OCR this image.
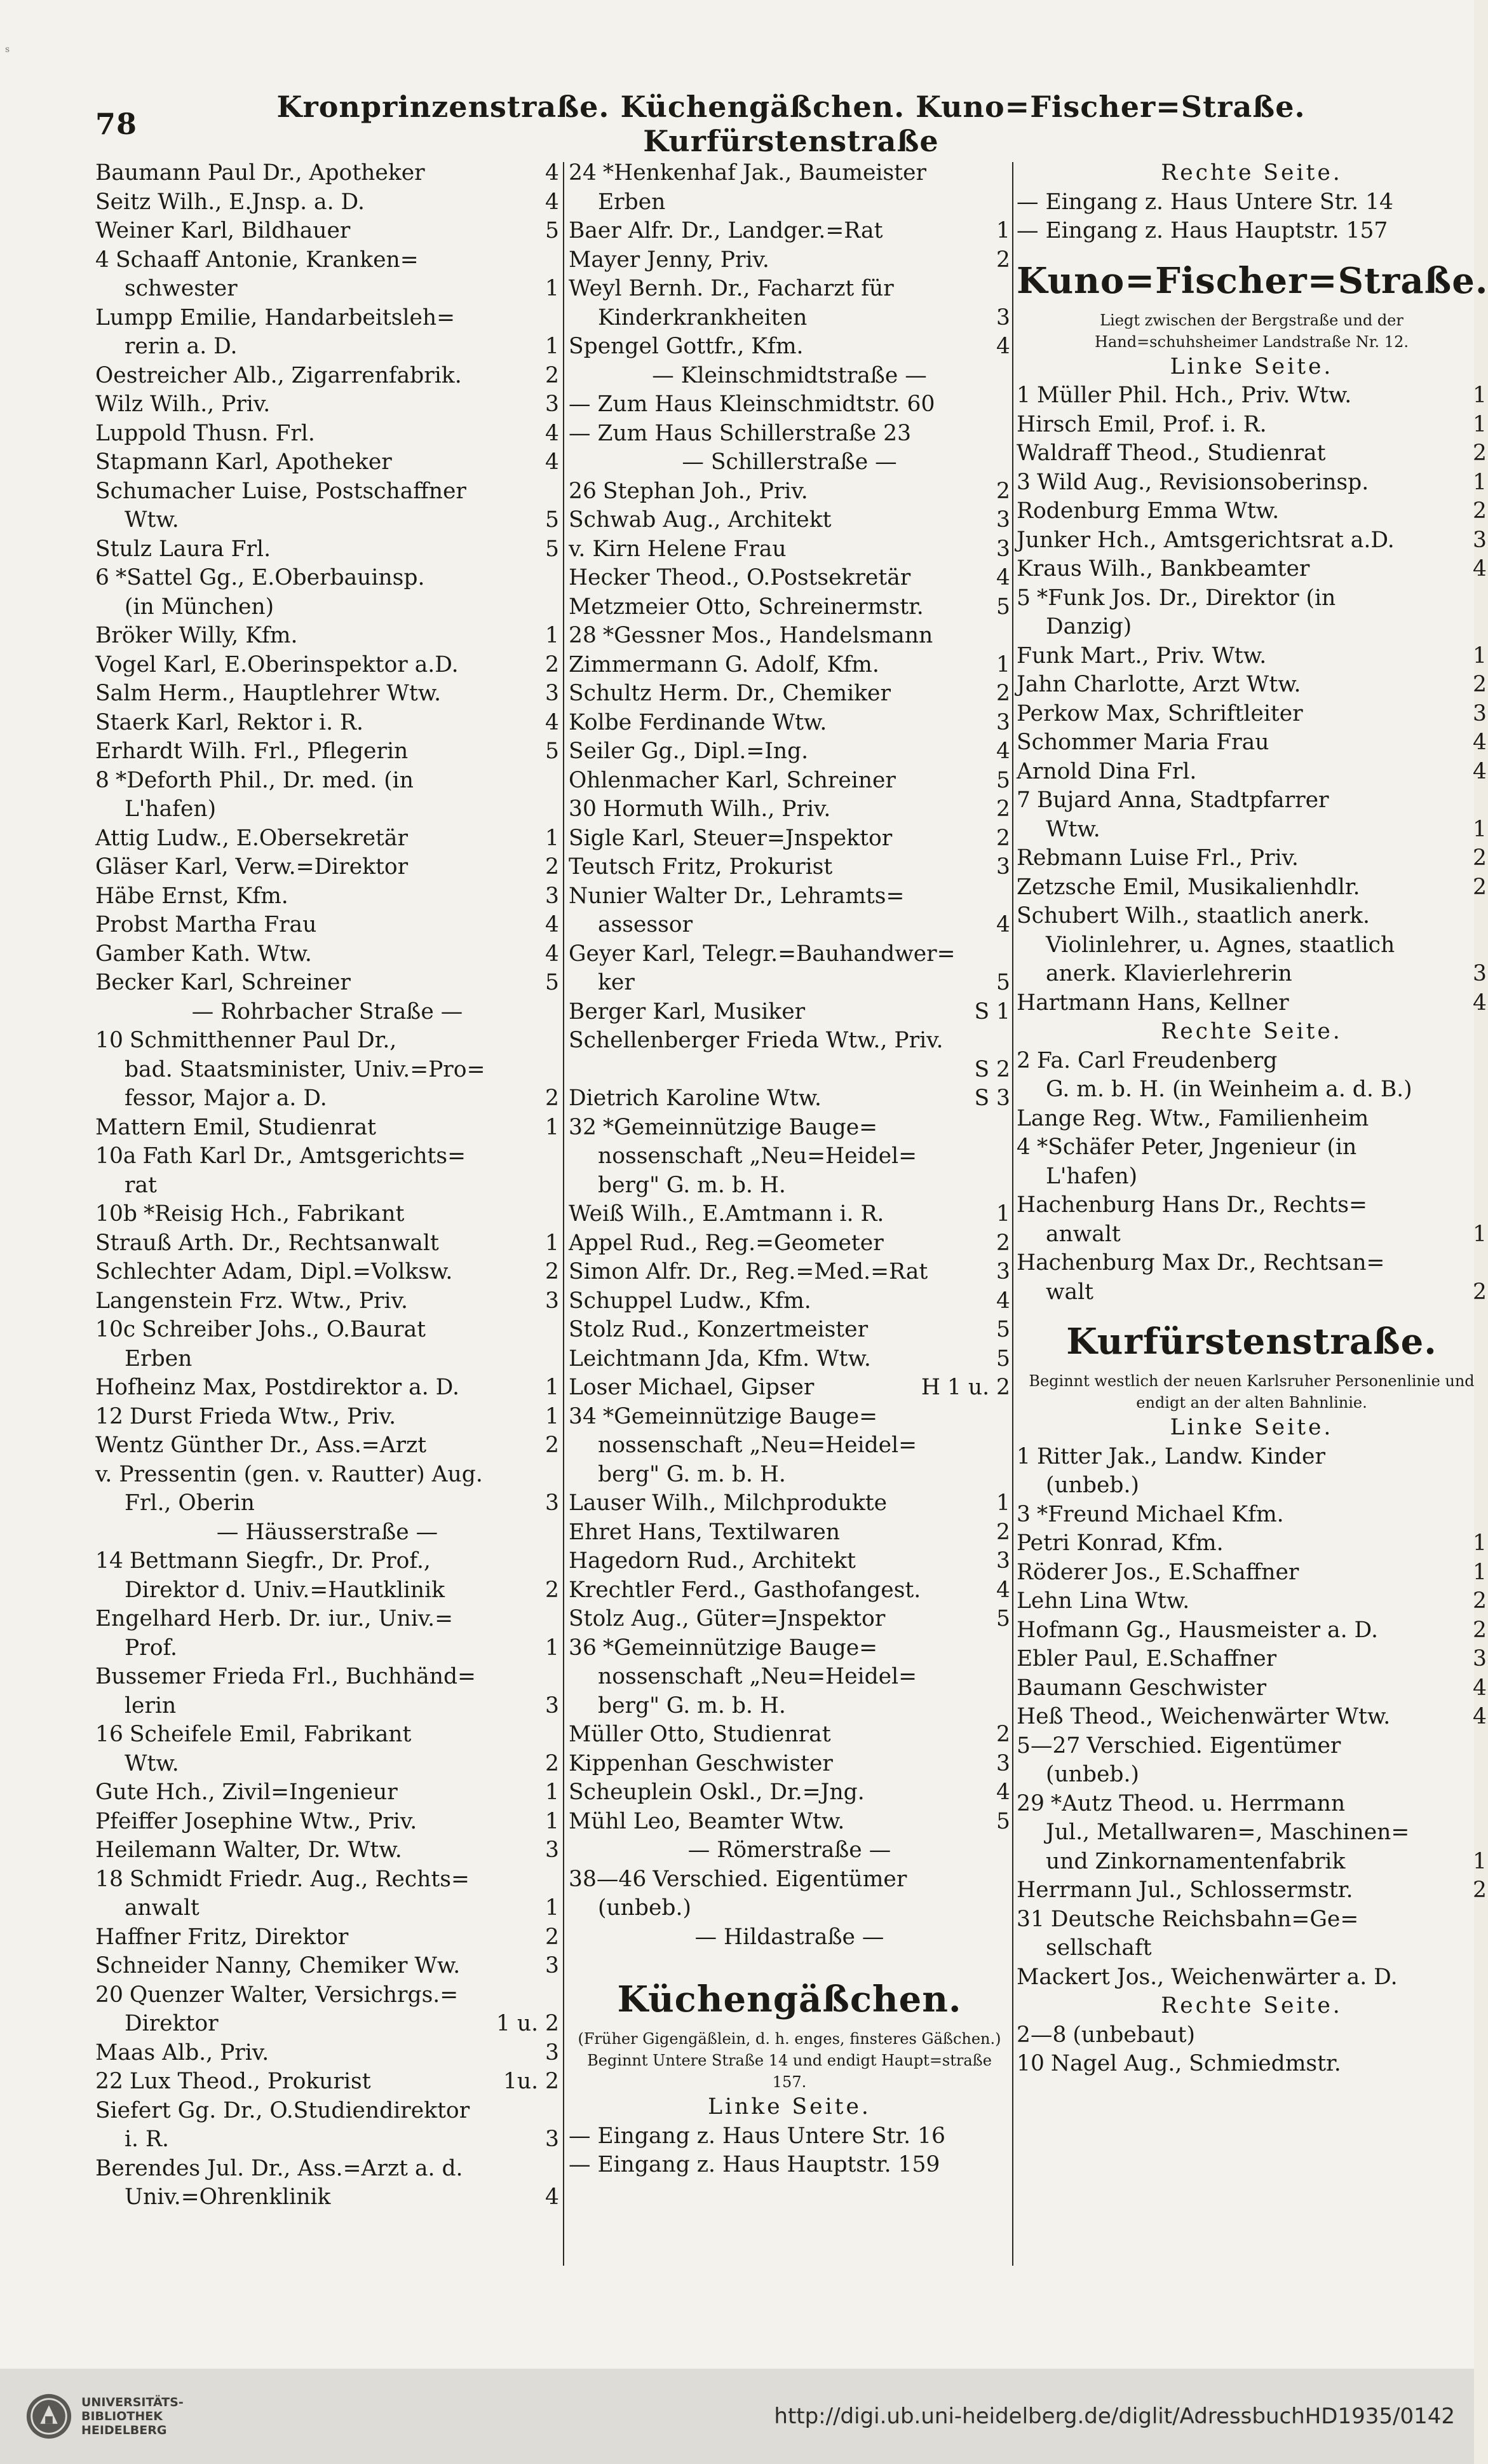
s
78	Kronprinzenstraße. Küchengäßchen. Kuno=Fischer=Straße. Kurfürstenstraße
Baumann Paul Dr., Apotheker	4
Seitz Wilh., E.Jnsp. a. D.	4
Weiner Karl, Bildhauer	5
4 Schaaff Antonie, Kranken=
schwester	1
Lumpp Emilie, Handarbeitsleh=
rerin a. D.	1
Oestreicher Alb., Zigarrenfabrik.	2
Wilz Wilh., Priv.	3
Luppold Thusn. Frl.	4
Stapmann Karl, Apotheker	4
Schumacher Luise, Postschaffner
Wtw.	5
Stulz Laura Frl.	5
6 *Sattel Gg., E.Oberbauinsp.
(in München)
Bröker Willy, Kfm.	1
Vogel Karl, E.Oberinspektor a.D.	2
Salm Herm., Hauptlehrer Wtw.	3
Staerk Karl, Rektor i. R.	4
Erhardt Wilh. Frl., Pflegerin	5
8 *Deforth Phil., Dr. med. (in
L'hafen)
Attig Ludw., E.Obersekretär	1
Gläser Karl, Verw.=Direktor	2
Häbe Ernst, Kfm.	3
Probst Martha Frau	4
Gamber Kath. Wtw.	4
Becker Karl, Schreiner	5
— Rohrbacher Straße —
10 Schmitthenner Paul Dr.,
bad. Staatsminister, Univ.=Pro=
fessor, Major a. D.	2
Mattern Emil, Studienrat	1
10a Fath Karl Dr., Amtsgerichts=
rat
10b *Reisig Hch., Fabrikant
Strauß Arth. Dr., Rechtsanwalt	1
Schlechter Adam, Dipl.=Volksw.	2
Langenstein Frz. Wtw., Priv.	3
10c Schreiber Johs., O.Baurat
Erben
Hofheinz Max, Postdirektor a. D.	1
12 Durst Frieda Wtw., Priv.	1
Wentz Günther Dr., Ass.=Arzt	2
v. Pressentin (gen. v. Rautter) Aug.
Frl., Oberin	3
— Häusserstraße —
14 Bettmann Siegfr., Dr. Prof.,
Direktor d. Univ.=Hautklinik	2
Engelhard Herb. Dr. iur., Univ.=
Prof.	1
Bussemer Frieda Frl., Buchhänd=
lerin	3
16 Scheifele Emil, Fabrikant
Wtw.	2
Gute Hch., Zivil=Ingenieur	1
Pfeiffer Josephine Wtw., Priv.	1
Heilemann Walter, Dr. Wtw.	3
18 Schmidt Friedr. Aug., Rechts=
anwalt	1
Haffner Fritz, Direktor	2
Schneider Nanny, Chemiker Ww.	3
20 Quenzer Walter, Versichrgs.=
Direktor	1 u. 2
Maas Alb., Priv.	3
22 Lux Theod., Prokurist	1u. 2
Siefert Gg. Dr., O.Studiendirektor
i. R.	3
Berendes Jul. Dr., Ass.=Arzt a. d.
Univ.=Ohrenklinik	4
24 *Henkenhaf Jak., Baumeister
Erben
Baer Alfr. Dr., Landger.=Rat	1
Mayer Jenny, Priv.	2
Weyl Bernh. Dr., Facharzt für
Kinderkrankheiten	3
Spengel Gottfr., Kfm.	4
— Kleinschmidtstraße —
— Zum Haus Kleinschmidtstr. 60
— Zum Haus Schillerstraße 23
— Schillerstraße —
26 Stephan Joh., Priv.	2
Schwab Aug., Architekt	3
v. Kirn Helene Frau	3
Hecker Theod., O.Postsekretär	4
Metzmeier Otto, Schreinermstr.	5
28 *Gessner Mos., Handelsmann
Zimmermann G. Adolf, Kfm.	1
Schultz Herm. Dr., Chemiker	2
Kolbe Ferdinande Wtw.	3
Seiler Gg., Dipl.=Ing.	4
Ohlenmacher Karl, Schreiner	5
30 Hormuth Wilh., Priv.	2
Sigle Karl, Steuer=Jnspektor	2
Teutsch Fritz, Prokurist	3
Nunier Walter Dr., Lehramts=
assessor	4
Geyer Karl, Telegr.=Bauhandwer=
ker	5
Berger Karl, Musiker	S 1
Schellenberger Frieda Wtw., Priv.
S 2
Dietrich Karoline Wtw.	S 3
32 *Gemeinnützige Bauge=
nossenschaft „Neu=Heidel=
berg" G. m. b. H.
Weiß Wilh., E.Amtmann i. R.	1
Appel Rud., Reg.=Geometer	2
Simon Alfr. Dr., Reg.=Med.=Rat	3
Schuppel Ludw., Kfm.	4
Stolz Rud., Konzertmeister	5
Leichtmann Jda, Kfm. Wtw.	5
Loser Michael, Gipser	H 1 u. 2
34 *Gemeinnützige Bauge=
nossenschaft „Neu=Heidel=
berg" G. m. b. H.
Lauser Wilh., Milchprodukte	1
Ehret Hans, Textilwaren	2
Hagedorn Rud., Architekt	3
Krechtler Ferd., Gasthofangest.	4
Stolz Aug., Güter=Jnspektor	5
36 *Gemeinnützige Bauge=
nossenschaft „Neu=Heidel=
berg" G. m. b. H.
Müller Otto, Studienrat	2
Kippenhan Geschwister	3
Scheuplein Oskl., Dr.=Jng.	4
Mühl Leo, Beamter Wtw.	5
— Römerstraße —
38—46 Verschied. Eigentümer
(unbeb.)
— Hildastraße —
Küchengäßchen.
(Früher Gigengäßlein, d. h. enges, finsteres Gäßchen.)
Beginnt Untere Straße 14 und endigt Haupt=straße 157.
Linke Seite.
— Eingang z. Haus Untere Str. 16
— Eingang z. Haus Hauptstr. 159
Rechte Seite.
— Eingang z. Haus Untere Str. 14
— Eingang z. Haus Hauptstr. 157
Kuno=Fischer=Straße.
Liegt zwischen der Bergstraße und der Hand=schuhsheimer Landstraße Nr. 12.
Linke Seite.
1 Müller Phil. Hch., Priv. Wtw.	1
Hirsch Emil, Prof. i. R.	1
Waldraff Theod., Studienrat	2
3 Wild Aug., Revisionsoberinsp.	1
Rodenburg Emma Wtw.	2
Junker Hch., Amtsgerichtsrat a.D.	3
Kraus Wilh., Bankbeamter	4
5 *Funk Jos. Dr., Direktor (in
Danzig)
Funk Mart., Priv. Wtw.	1
Jahn Charlotte, Arzt Wtw.	2
Perkow Max, Schriftleiter	3
Schommer Maria Frau	4
Arnold Dina Frl.	4
7 Bujard Anna, Stadtpfarrer
Wtw.	1
Rebmann Luise Frl., Priv.	2
Zetzsche Emil, Musikalienhdlr.	2
Schubert Wilh., staatlich anerk.
Violinlehrer, u. Agnes, staatlich
anerk. Klavierlehrerin	3
Hartmann Hans, Kellner	4
Rechte Seite.
2 Fa. Carl Freudenberg
G. m. b. H. (in Weinheim a. d. B.)
Lange Reg. Wtw., Familienheim
4 *Schäfer Peter, Jngenieur (in
L'hafen)
Hachenburg Hans Dr., Rechts=
anwalt	1
Hachenburg Max Dr., Rechtsan=
walt	2
Kurfürstenstraße.
Beginnt westlich der neuen Karlsruher Personenlinie und endigt an der alten Bahnlinie.
Linke Seite.
1 Ritter Jak., Landw. Kinder
(unbeb.)
3 *Freund Michael Kfm.
Petri Konrad, Kfm.	1
Röderer Jos., E.Schaffner	1
Lehn Lina Wtw.	2
Hofmann Gg., Hausmeister a. D.	2
Ebler Paul, E.Schaffner	3
Baumann Geschwister	4
Heß Theod., Weichenwärter Wtw.	4
5—27 Verschied. Eigentümer
(unbeb.)
29 *Autz Theod. u. Herrmann
Jul., Metallwaren=, Maschinen=
und Zinkornamentenfabrik	1
Herrmann Jul., Schlossermstr.	2
31 Deutsche Reichsbahn=Ge=
sellschaft
Mackert Jos., Weichenwärter a. D.
Rechte Seite.
2—8 (unbebaut)
10 Nagel Aug., Schmiedmstr.
UNIVERSITÄTS-
BIBLIOTHEK
HEIDELBERG
http://digi.ub.uni-heidelberg.de/diglit/AdressbuchHD1935/0142
